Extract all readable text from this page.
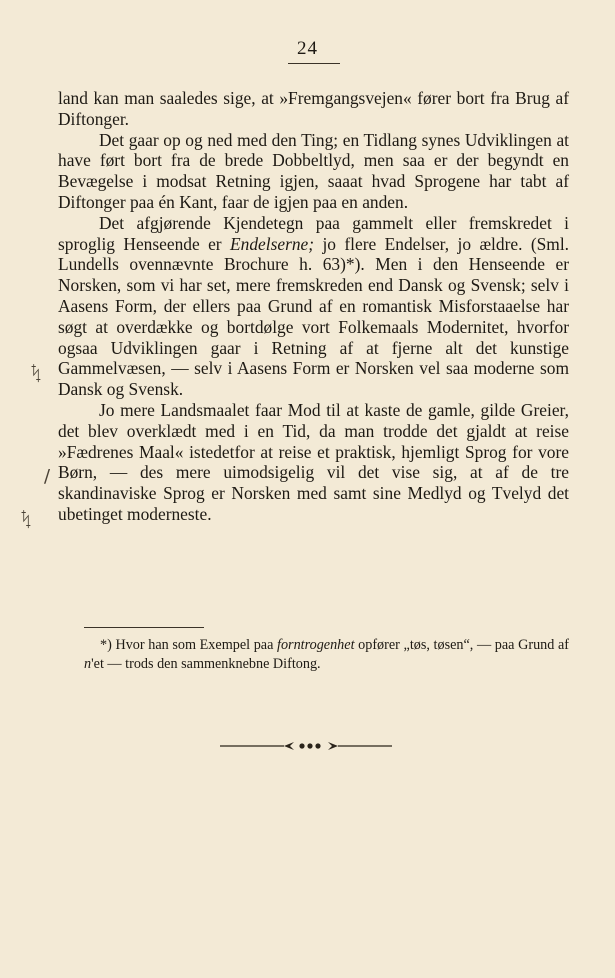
24

land kan man saaledes sige, at »Fremgangsvejen« fører bort fra Brug af Diftonger.

Det gaar op og ned med den Ting; en Tidlang synes Udviklingen at have ført bort fra de brede Dobbeltlyd, men saa er der begyndt en Bevægelse i modsat Retning igjen, saaat hvad Sprogene har tabt af Diftonger paa én Kant, faar de igjen paa en anden.

Det afgjørende Kjendetegn paa gammelt eller fremskredet i sproglig Henseende er Endelserne; jo flere Endelser, jo ældre. (Sml. Lundells ovennævnte Brochure h. 63)*). Men i den Henseende er Norsken, som vi har set, mere fremskreden end Dansk og Svensk; selv i Aasens Form, der ellers paa Grund af en romantisk Misforstaaelse har søgt at overdække og bortdølge vort Folkemaals Modernitet, hvorfor ogsaa Udviklingen gaar i Retning af at fjerne alt det kunstige Gammelvæsen, — selv i Aasens Form er Norsken vel saa moderne som Dansk og Svensk.

Jo mere Landsmaalet faar Mod til at kaste de gamle, gilde Greier, det blev overklædt med i en Tid, da man trodde det gjaldt at reise »Fædrenes Maal« istedetfor at reise et praktisk, hjemligt Sprog for vore Børn, — des mere uimodsigelig vil det vise sig, at af de tre skandinaviske Sprog er Norsken med samt sine Medlyd og Tvelyd det ubetinget moderneste.

ᛪ
/
ᛪ

*) Hvor han som Exempel paa forntrogenhet opfører „tøs, tøsen“, — paa Grund af n'et — trods den sammenknebne Diftong.
